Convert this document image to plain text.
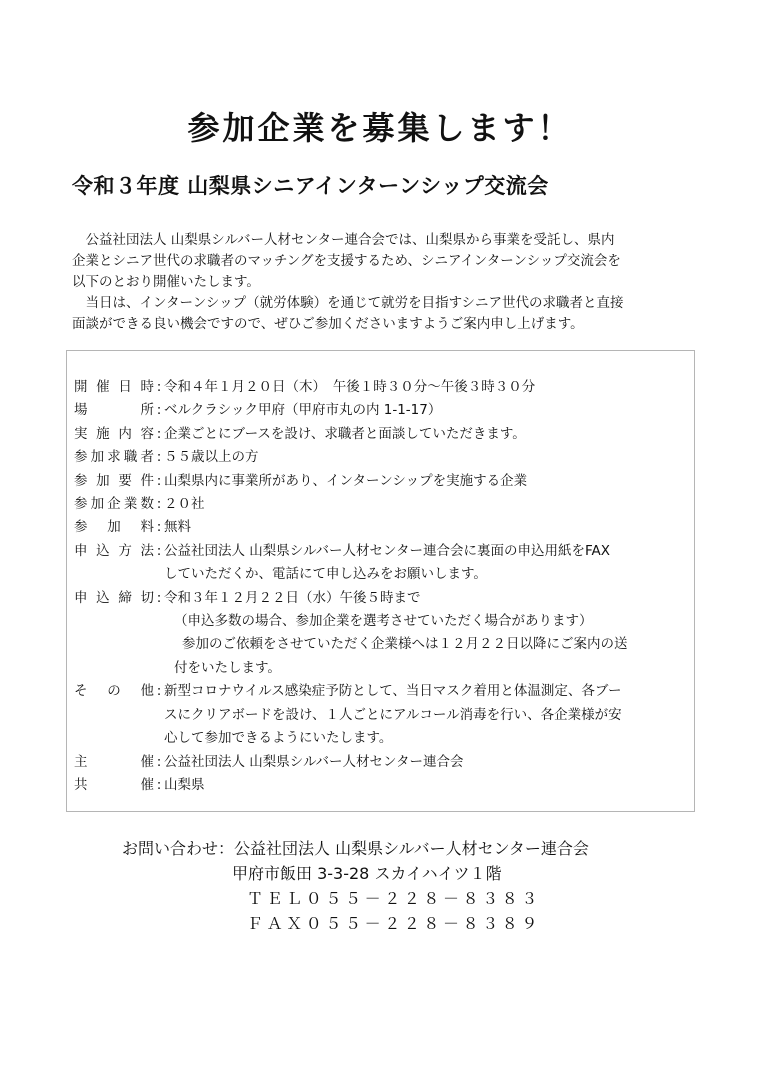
参加企業を募集します！
令和３年度 山梨県シニアインターンシップ交流会

　公益社団法人 山梨県シルバー人材センター連合会では、山梨県から事業を受託し、県内

企業とシニア世代の求職者のマッチングを支援するため、シニアインターンシップ交流会を

以下のとおり開催いたします。

　当日は、インターンシップ（就労体験）を通じて就労を目指すシニア世代の求職者と直接

面談ができる良い機会ですので、ぜひご参加くださいますようご案内申し上げます。

開 催 日 時 : 令和４年１月２０日（木）　午後１時３０分～午後３時３０分
場	所 : ベルクラシック甲府（甲府市丸の内 1-1-17）
実 施 内 容 : 企業ごとにブースを設け、求職者と面談していただきます。
参 加 求 職 者 : ５５歳以上の方
参 加 要 件 : 山梨県内に事業所があり、インターンシップを実施する企業
参 加 企 業 数 : ２０社
参 加 料 : 無料
申 込 方 法 : 公益社団法人 山梨県シルバー人材センター連合会に裏面の申込用紙をFAX
していただくか、電話にて申し込みをお願いします。
申 込 締 切 : 令和３年１２月２２日（水）午後５時まで
（申込多数の場合、参加企業を選考させていただく場合があります）
参加のご依頼をさせていただく企業様へは１２月２２日以降にご案内の送
付をいたします。
そ の 他 : 新型コロナウイルス感染症予防として、当日マスク着用と体温測定、各ブー
スにクリアボードを設け、１人ごとにアルコール消毒を行い、各企業様が安
心して参加できるようにいたします。
主	催 : 公益社団法人 山梨県シルバー人材センター連合会
共	催 : 山梨県
お問い合わせ：公益社団法人 山梨県シルバー人材センター連合会
甲府市飯田 3-3-28 スカイハイツ１階
ＴＥＬ０５５－２２８－８３８３
ＦＡＸ０５５－２２８－８３８９
